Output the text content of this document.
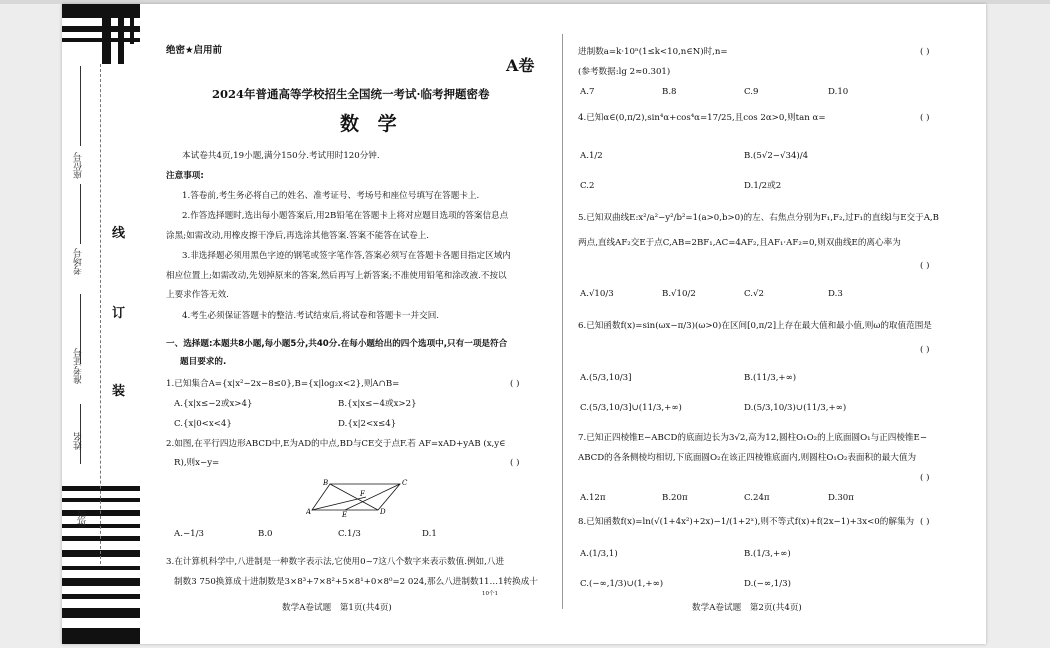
座位号
考场号
准考证号
姓名
班级
线
订
装
绝密★启用前
A卷
2024年普通高等学校招生全国统一考试·临考押题密卷
数 学
本试卷共4页,19小题,满分150分.考试用时120分钟.
注意事项:
1.答卷前,考生务必将自己的姓名、准考证号、考场号和座位号填写在答题卡上.
2.作答选择题时,选出每小题答案后,用2B铅笔在答题卡上将对应题目选项的答案信息点
涂黑;如需改动,用橡皮擦干净后,再选涂其他答案.答案不能答在试卷上.
3.非选择题必须用黑色字迹的钢笔或签字笔作答,答案必须写在答题卡各题目指定区域内
相应位置上;如需改动,先划掉原来的答案,然后再写上新答案;不准使用铅笔和涂改液.不按以
上要求作答无效.
4.考生必须保证答题卡的整洁.考试结束后,将试卷和答题卡一并交回.
一、选择题:本题共8小题,每小题5分,共40分.在每小题给出的四个选项中,只有一项是符合
题目要求的.
1.已知集合A={x|x²−2x−8≤0},B={x|log₂x<2},则A∩B=	( )
A.{x|x≤−2或x>4}	B.{x|x≤−4或x>2}
C.{x|0<x<4}	D.{x|2<x≤4}
2.如图,在平行四边形ABCD中,E为AD的中点,BD与CE交于点F.若 AF=xAD+yAB (x,y∈
R),则x−y=	( )
B	C
A	D
E
F
A.−1/3	B.0	C.1/3	D.1
3.在计算机科学中,八进制是一种数字表示法,它使用0~7这八个数字来表示数值.例如,八进
制数3 750换算成十进制数是3×8³+7×8²+5×8¹+0×8⁰=2 024,那么八进制数11…1转换成十
10个1
数学A卷试题　第1页(共4页)
进制数a=k·10ⁿ(1≤k<10,n∈N)时,n=	( )
(参考数据:lg 2≈0.301)
A.7	B.8	C.9	D.10
4.已知α∈(0,π/2),sin⁴α+cos⁴α=17/25,且cos 2α>0,则tan α=	( )
A.1/2	B.(5√2−√34)/4
C.2	D.1/2或2
5.已知双曲线E:x²/a²−y²/b²=1(a>0,b>0)的左、右焦点分别为F₁,F₂,过F₁的直线l与E交于A,B
两点,直线AF₂交E于点C,AB=2BF₁,AC=4AF₂,且AF₁·AF₂=0,则双曲线E的离心率为
( )
A.√10/3	B.√10/2	C.√2	D.3
6.已知函数f(x)=sin(ωx−π/3)(ω>0)在区间[0,π/2]上存在最大值和最小值,则ω的取值范围是
( )
A.(5/3,10/3]	B.(11/3,+∞)
C.(5/3,10/3]∪(11/3,+∞)	D.(5/3,10/3)∪(11/3,+∞)
7.已知正四棱锥E−ABCD的底面边长为3√2,高为12,圆柱O₁O₂的上底面圆O₁与正四棱锥E−
ABCD的各条侧棱均相切,下底面圆O₂在该正四棱锥底面内,则圆柱O₁O₂表面积的最大值为
( )
A.12π	B.20π	C.24π	D.30π
8.已知函数f(x)=ln(√(1+4x²)+2x)−1/(1+2ˣ),则不等式f(x)+f(2x−1)+3x<0的解集为 ( )
A.(1/3,1)	B.(1/3,+∞)
C.(−∞,1/3)∪(1,+∞)	D.(−∞,1/3)
数学A卷试题　第2页(共4页)
